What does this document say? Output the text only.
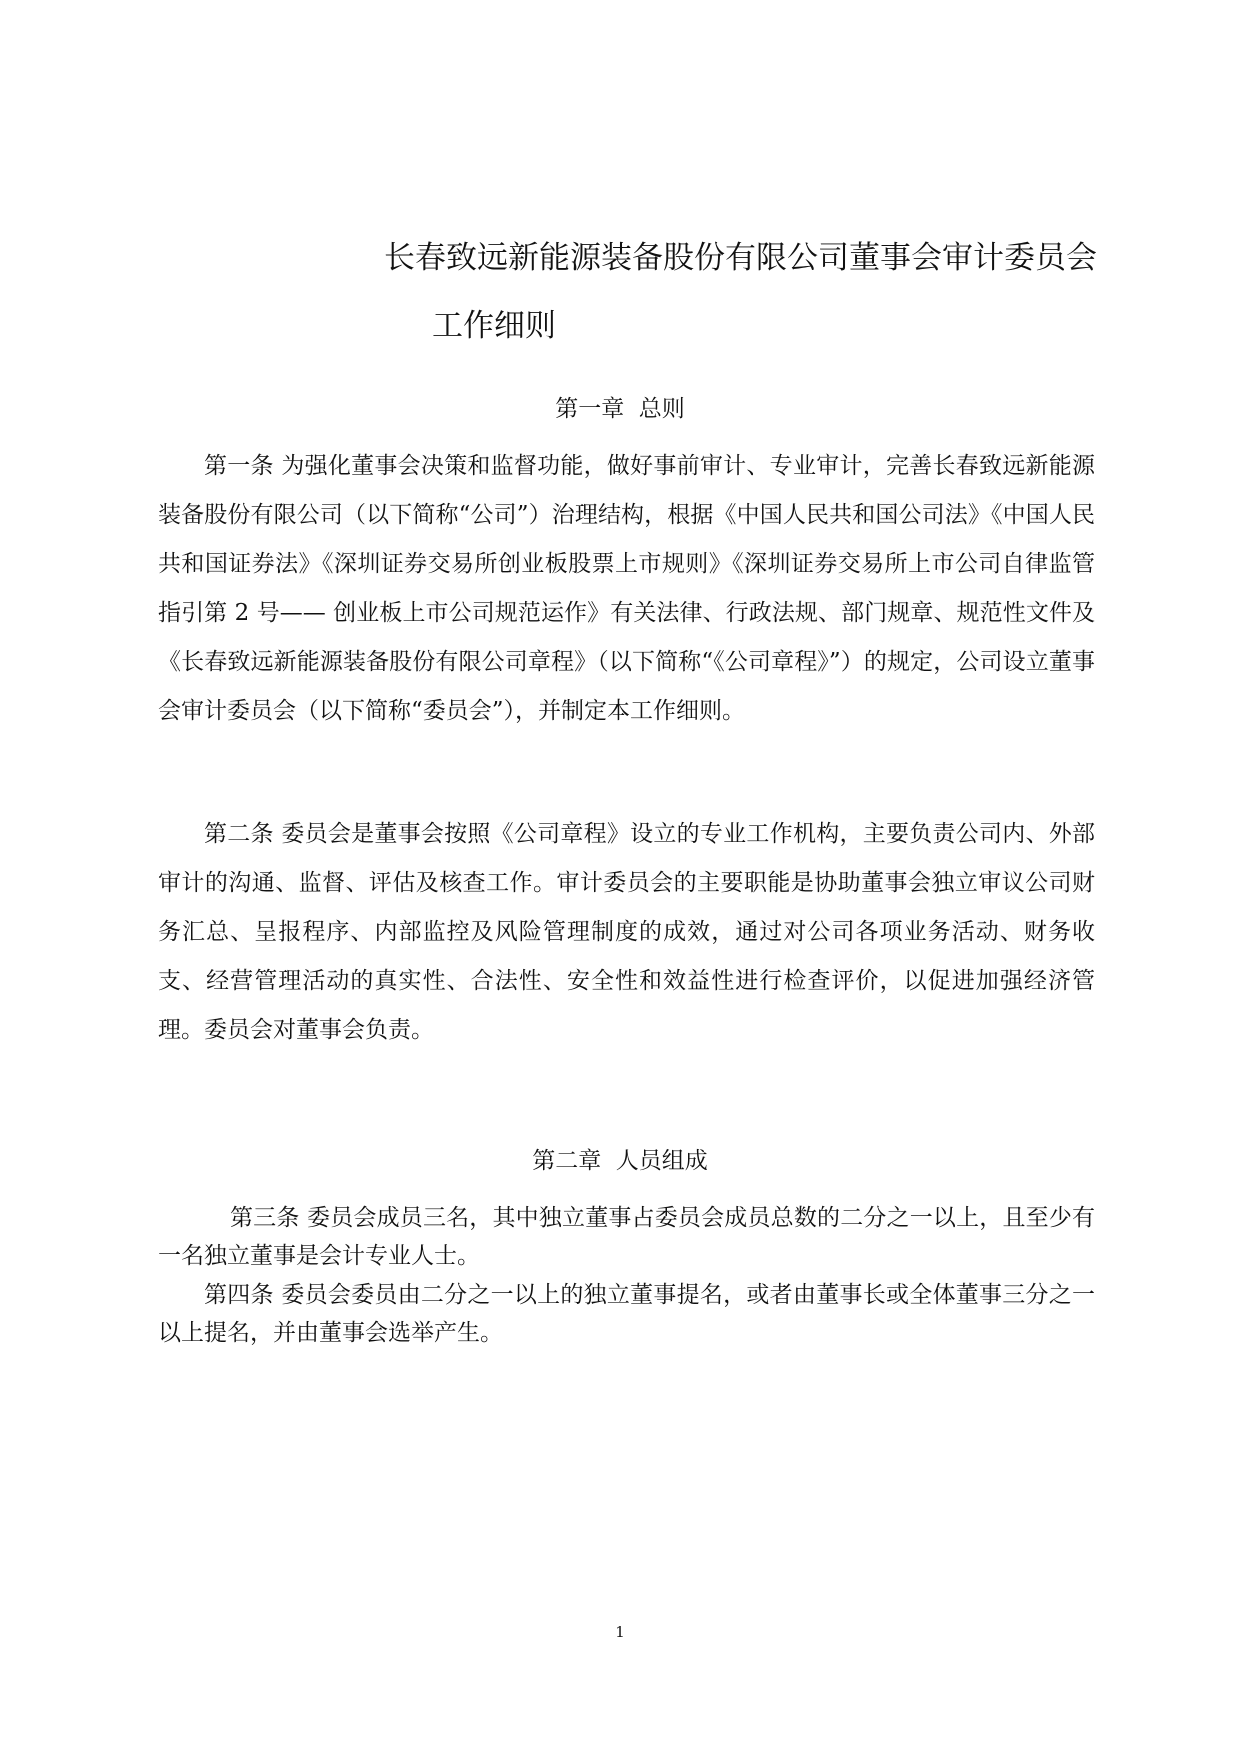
长春致远新能源装备股份有限公司董事会审计委员会
工作细则
第一章  总则

第一条 为强化董事会决策和监督功能，做好事前审计、专业审计，完善长春致远新能源装备股份有限公司（以下简称“公司”）治理结构，根据《中国人民共和国公司法》《中国人民共和国证券法》《深圳证券交易所创业板股票上市规则》《深圳证券交易所上市公司自律监管指引第 2 号—— 创业板上市公司规范运作》有关法律、行政法规、部门规章、规范性文件及《长春致远新能源装备股份有限公司章程》（以下简称“《公司章程》”）的规定，公司设立董事会审计委员会（以下简称“委员会”），并制定本工作细则。

第二条 委员会是董事会按照《公司章程》设立的专业工作机构，主要负责公司内、外部审计的沟通、监督、评估及核查工作。审计委员会的主要职能是协助董事会独立审议公司财务汇总、呈报程序、内部监控及风险管理制度的成效，通过对公司各项业务活动、财务收支、经营管理活动的真实性、合法性、安全性和效益性进行检查评价，以促进加强经济管理。委员会对董事会负责。

第二章  人员组成

第三条 委员会成员三名，其中独立董事占委员会成员总数的二分之一以上，且至少有一名独立董事是会计专业人士。

第四条 委员会委员由二分之一以上的独立董事提名，或者由董事长或全体董事三分之一以上提名，并由董事会选举产生。

1
